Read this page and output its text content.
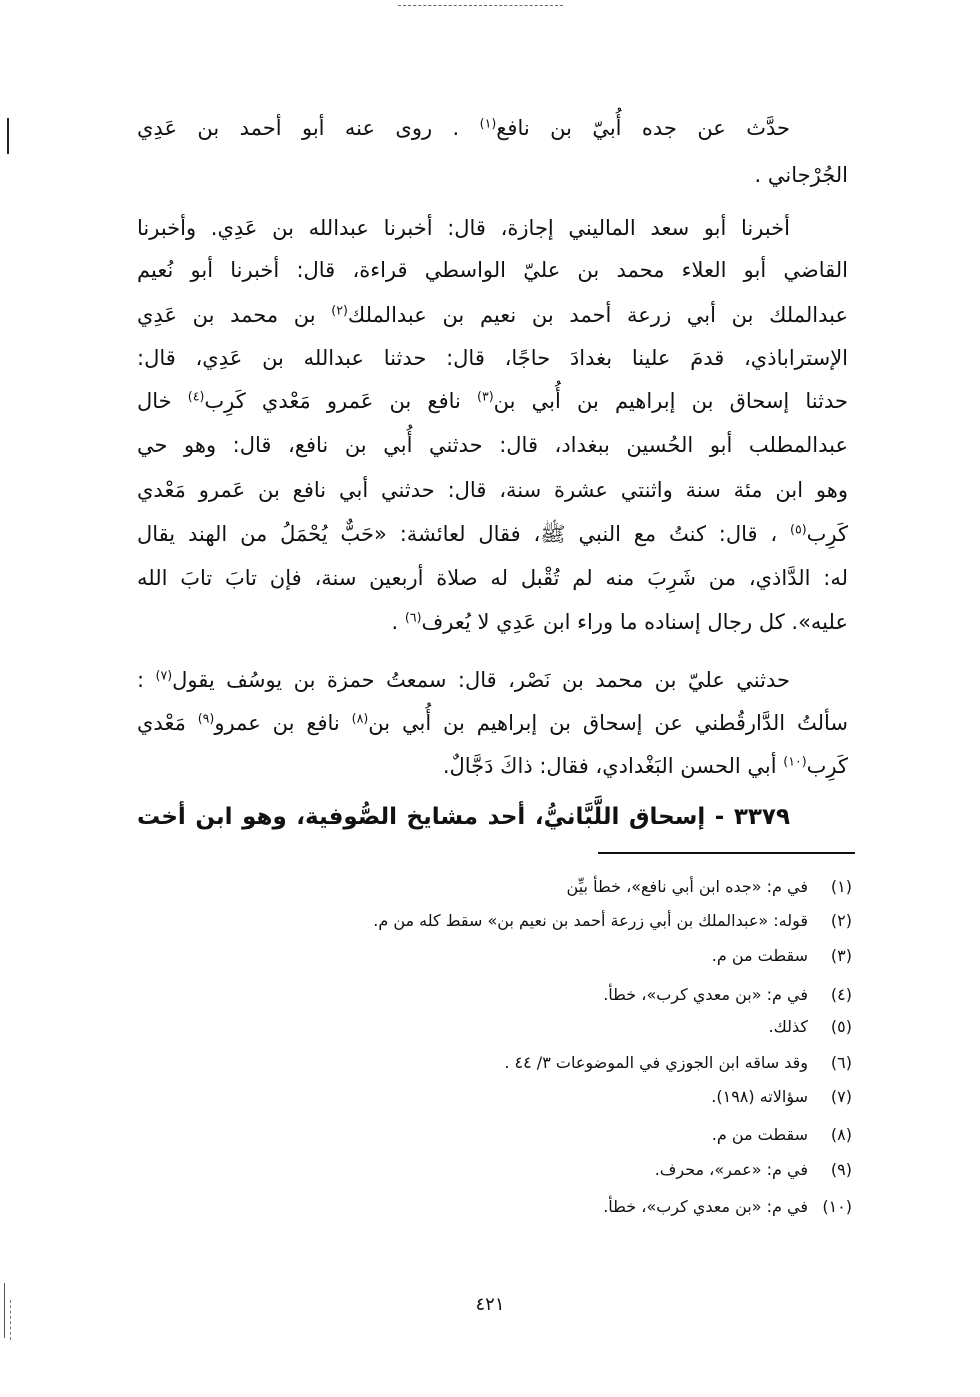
حدَّث عن جده أُبيّ بن نافع$^{(١)}$ . روى عنه أبو أحمد بن عَدِي
الجُرْجاني .
أخبرنا أبو سعد الماليني إجازة، قال: أخبرنا عبدالله بن عَدِي. وأخبرنا
القاضي أبو العلاء محمد بن عليّ الواسطي قراءة، قال: أخبرنا أبو نُعيم
عبدالملك بن أبي زرعة أحمد بن نعيم بن عبدالملك$^{(٢)}$ بن محمد بن عَدِي
الإستراباذي، قدمَ علينا بغدادَ حاجًا، قال: حدثنا عبدالله بن عَدِي، قال:
حدثنا إسحاق بن إبراهيم بن أُبي بن$^{(٣)}$ نافع بن عَمرو مَعْدي كَرِب$^{(٤)}$ خال
عبدالمطلب أبو الحُسين ببغداد، قال: حدثني أُبي بن نافع، قال: وهو حي
وهو ابن مئة سنة واثنتي عشرة سنة، قال: حدثني أبي نافع بن عَمرو مَعْدي
كَرِب$^{(٥)}$ ، قال: كنتُ مع النبي ﷺ، فقال لعائشة: «حَبٌّ يُحْمَلُ من الهند يقال
له: الدَّاذي، من شَرِبَ منه لم تُقْبل له صلاة أربعين سنة، فإن تابَ تابَ الله
عليه». كل رجال إسناده ما وراء ابن عَدِي لا يُعرف$^{(٦)}$ .
حدثني عليّ بن محمد بن نَصْر، قال: سمعتُ حمزة بن يوسُف يقول$^{(٧)}$ :
سألتُ الدَّارقُطني عن إسحاق بن إبراهيم بن أُبي بن$^{(٨)}$ نافع بن عمرو$^{(٩)}$ مَعْدي
كَرِب$^{(١٠)}$ أبي الحسن البَغْدادي، فقال: ذاكَ دَجَّالٌ.
٣٣٧٩ - إسحاق اللَّبَّانيُّ، أحد مشايخ الصُّوفية، وهو ابن أخت
(١)
في م: «جده ابن أبي نافع»، خطأ بيِّن
(٢)
قوله: «عبدالملك بن أبي زرعة أحمد بن نعيم بن» سقط كله من م.
(٣)
سقطت من م.
(٤)
في م: «بن معدي كرب»، خطأ.
(٥)
كذلك.
(٦)
وقد ساقه ابن الجوزي في الموضوعات ٣/ ٤٤ .
(٧)
سؤالاته (١٩٨).
(٨)
سقطت من م.
(٩)
في م: «عمر»، محرف.
(١٠)
في م: «بن معدي كرب»، خطأ.
٤٢١
